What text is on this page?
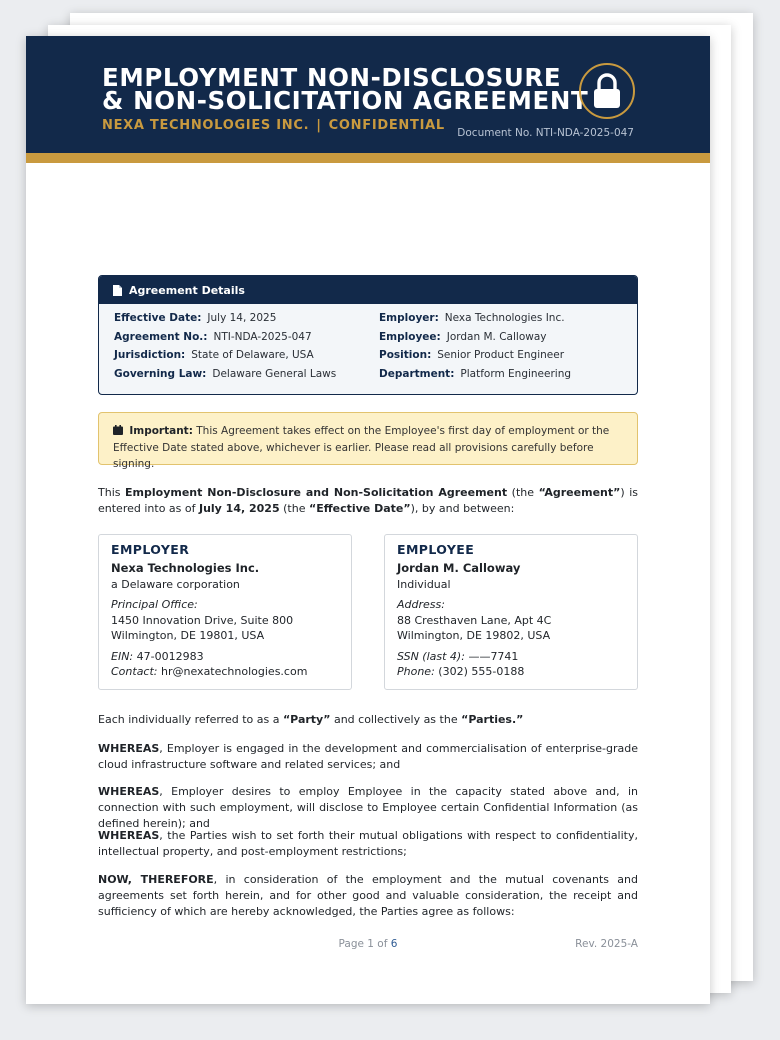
EMPLOYMENT NON-DISCLOSURE
& NON-SOLICITATION AGREEMENT
NEXA TECHNOLOGIES INC. | CONFIDENTIAL Document No. NTI-NDA-2025-047
Agreement Details
Effective Date: July 14, 2025	Employer: Nexa Technologies Inc.
Agreement No.: NTI-NDA-2025-047	Employee: Jordan M. Calloway
Jurisdiction: State of Delaware, USA	Position: Senior Product Engineer
Governing Law: Delaware General Laws	Department: Platform Engineering
Important: This Agreement takes effect on the Employee's first day of employment or the Effective Date stated above, whichever is earlier. Please read all provisions carefully before signing.
This Employment Non-Disclosure and Non-Solicitation Agreement (the “Agreement”) is entered into as of July 14, 2025 (the “Effective Date”), by and between:
EMPLOYER
Nexa Technologies Inc.
a Delaware corporation
Principal Office:
1450 Innovation Drive, Suite 800
Wilmington, DE 19801, USA
EIN: 47-0012983
Contact: hr@nexatechnologies.com
EMPLOYEE
Jordan M. Calloway
Individual
Address:
88 Cresthaven Lane, Apt 4C
Wilmington, DE 19802, USA
SSN (last 4): ——7741
Phone: (302) 555-0188
Each individually referred to as a “Party” and collectively as the “Parties.”
WHEREAS, Employer is engaged in the development and commercialisation of enterprise-grade cloud infrastructure software and related services; and
WHEREAS, Employer desires to employ Employee in the capacity stated above and, in connection with such employment, will disclose to Employee certain Confidential Information (as defined herein); and
WHEREAS, the Parties wish to set forth their mutual obligations with respect to confidentiality, intellectual property, and post-employment restrictions;
NOW, THEREFORE, in consideration of the employment and the mutual covenants and agreements set forth herein, and for other good and valuable consideration, the receipt and sufficiency of which are hereby acknowledged, the Parties agree as follows:
Page 1 of 6	Rev. 2025-A
